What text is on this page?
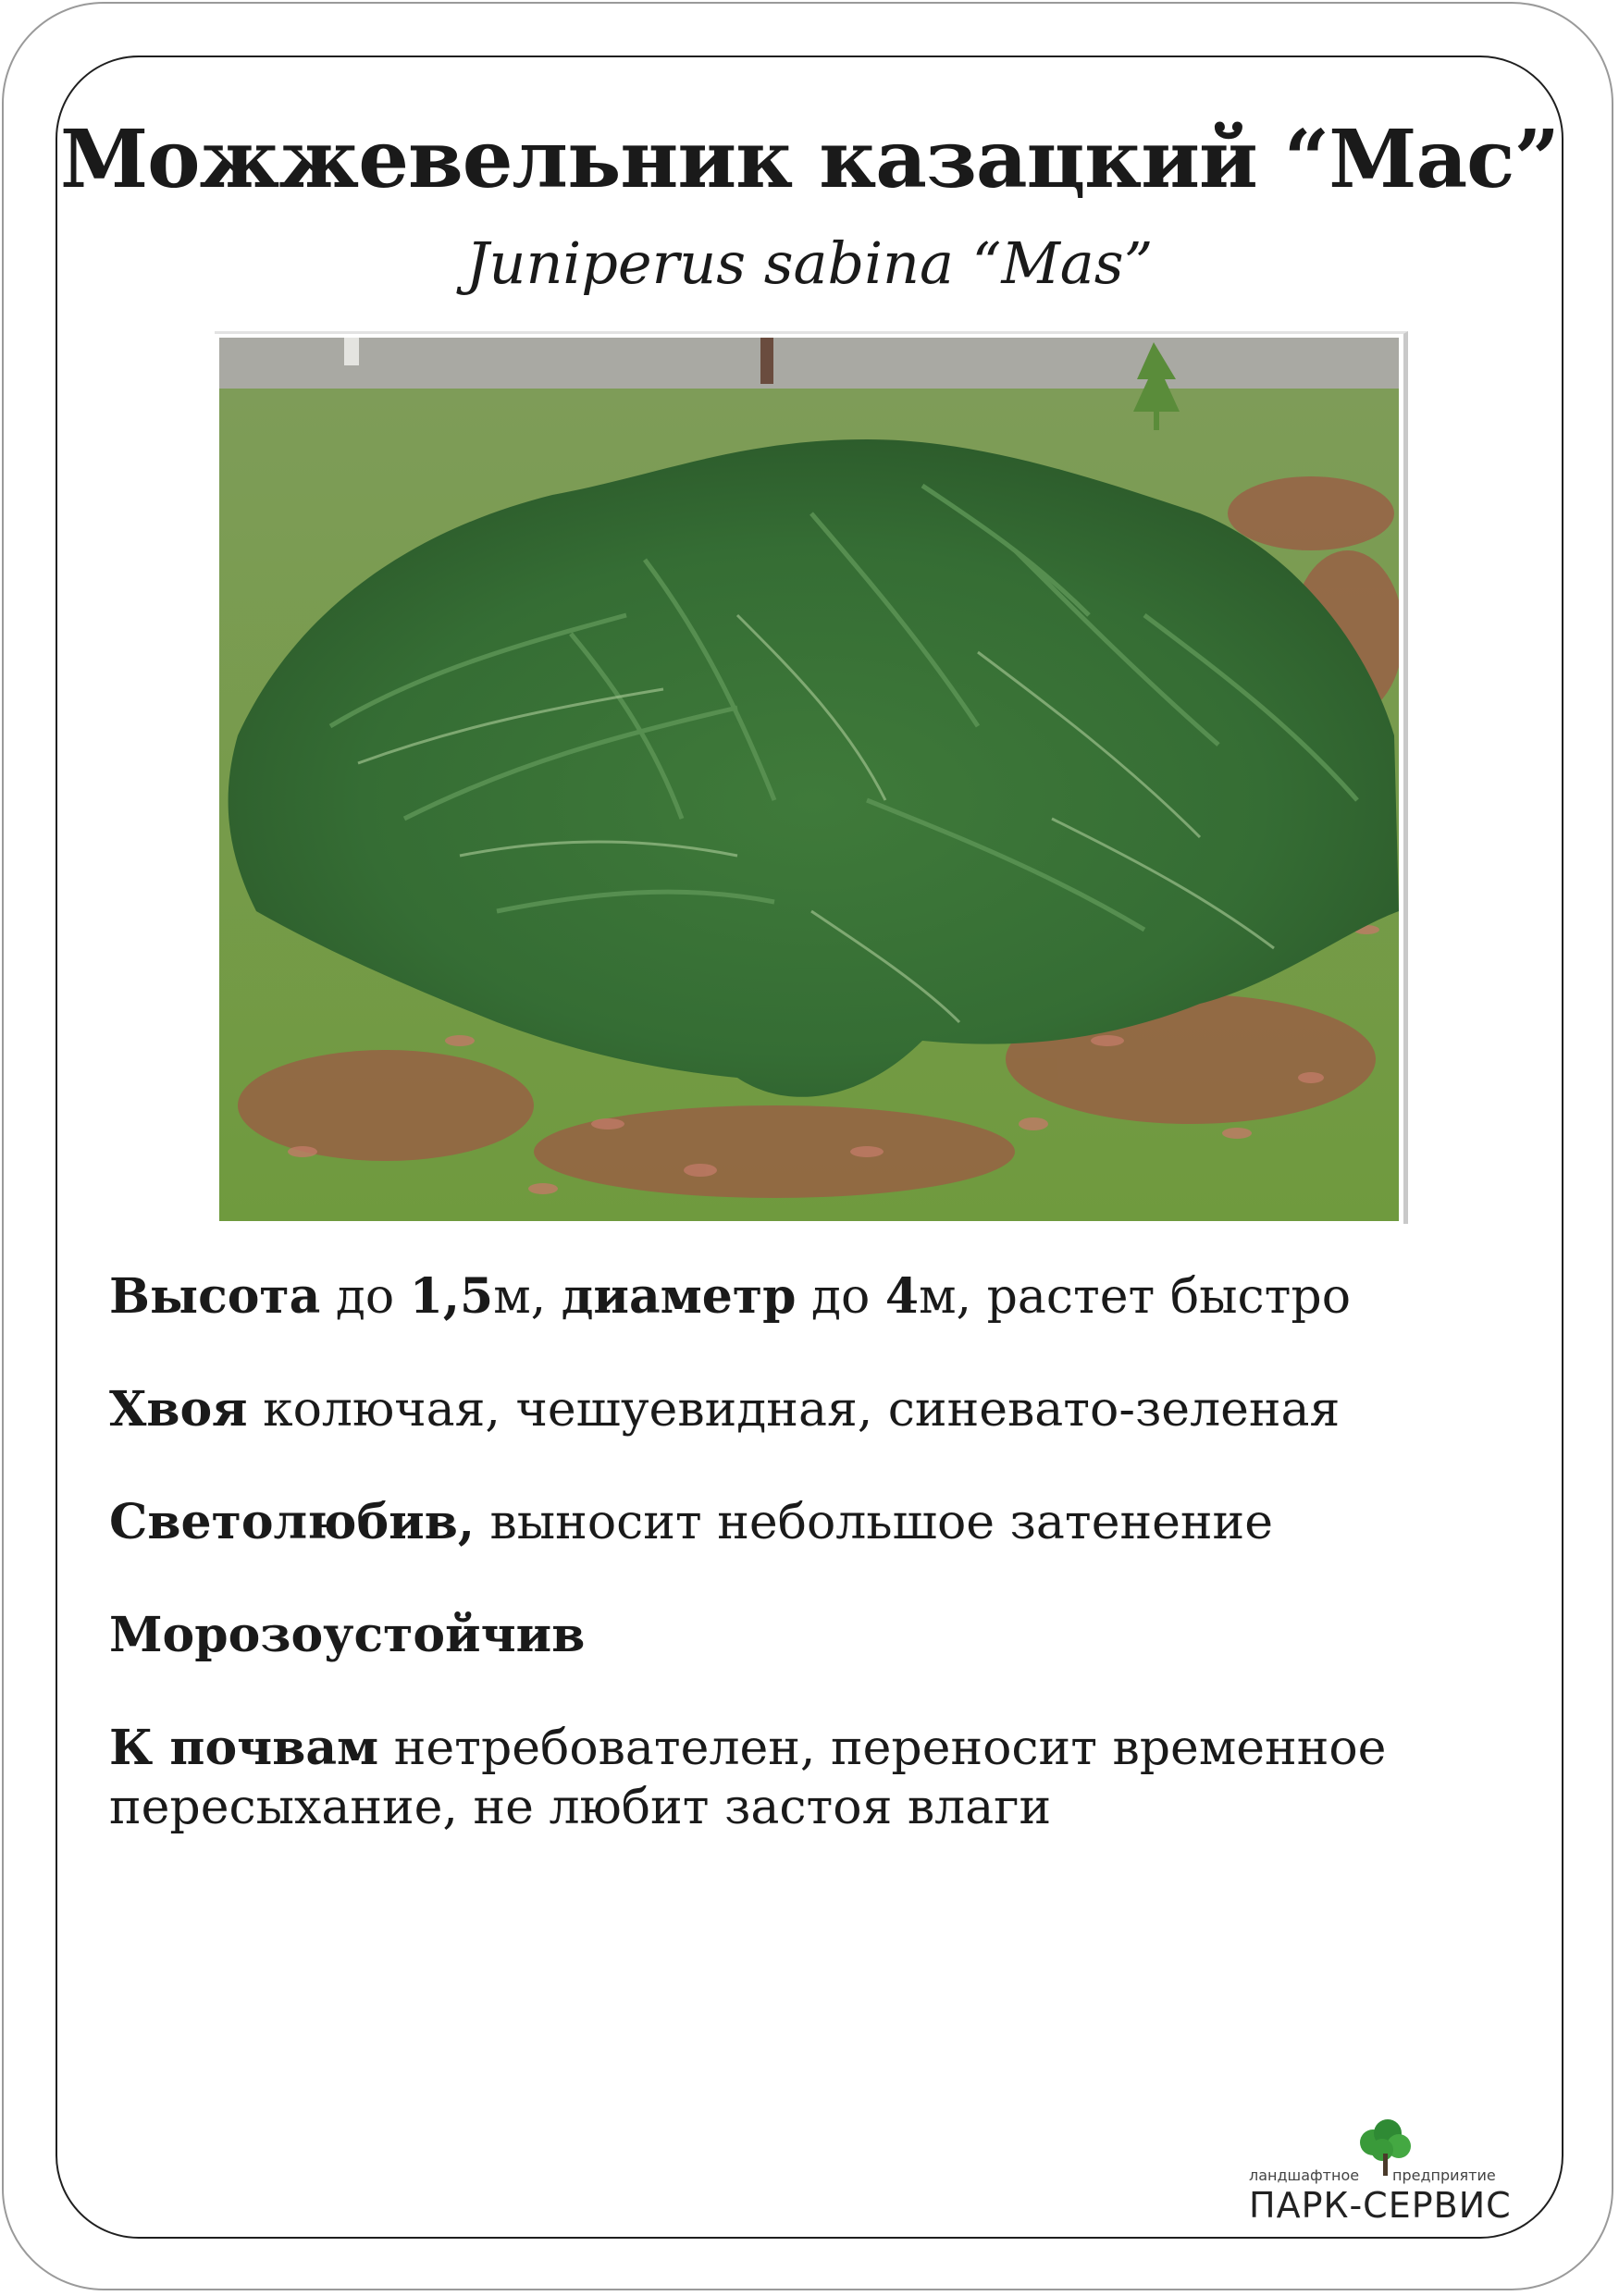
Можжевельник казацкий “Мас”
Juniperus sabina “Mas”
Высота до 1,5м, диаметр до 4м, растет быстро
Хвоя колючая, чешуевидная, синевато-зеленая
Светолюбив, выносит небольшое затенение
Морозоустойчив
К почвам нетребователен, переносит временное пересыхание, не любит застоя влаги
ландшафтное предприятие
ПАРК-СЕРВИС
